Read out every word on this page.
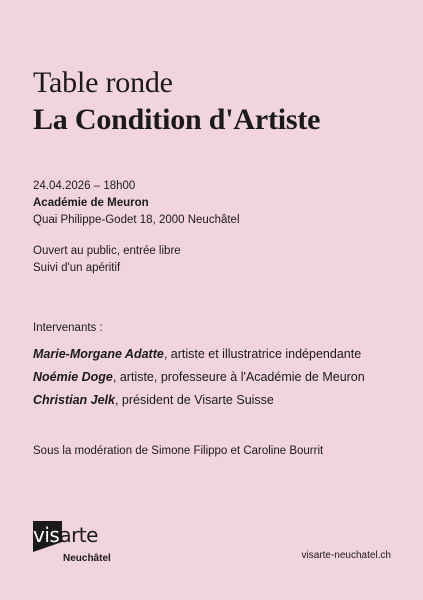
Table ronde
La Condition d'Artiste
24.04.2026 – 18h00
Académie de Meuron
Quai Philippe-Godet 18, 2000 Neuchâtel
Ouvert au public, entrée libre
Suivi d'un apéritif
Intervenants :
Marie-Morgane Adatte, artiste et illustratrice indépendante
Noémie Doge, artiste, professeure à l'Académie de Meuron
Christian Jelk, président de Visarte Suisse
Sous la modération de Simone Filippo et Caroline Bourrit
visarte
Neuchâtel	visarte-neuchatel.ch
